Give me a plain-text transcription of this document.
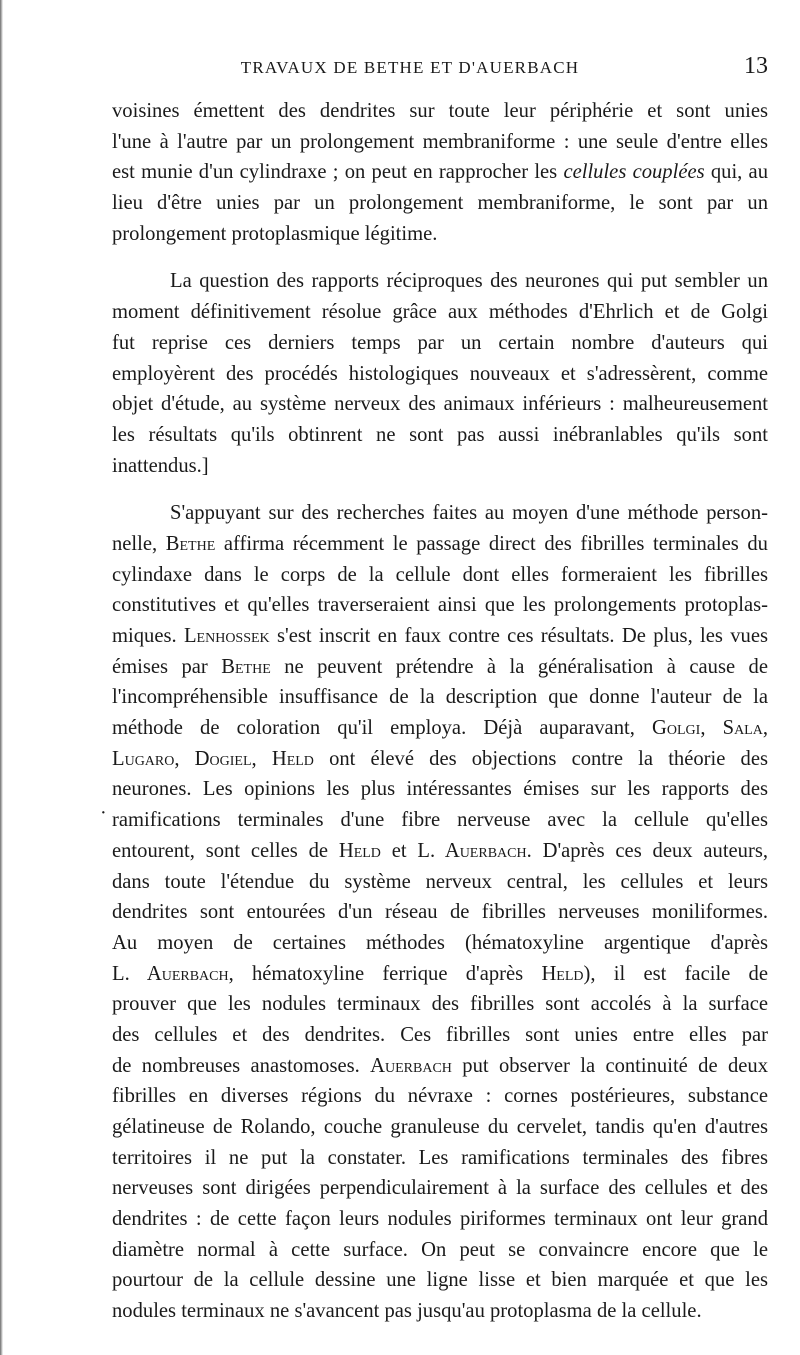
TRAVAUX DE BETHE ET D'AUERBACH	13
·
voisines émettent des dendrites sur toute leur périphérie et sont unies
l'une à l'autre par un prolongement membraniforme : une seule d'entre elles
est munie d'un cylindraxe ; on peut en rapprocher les cellules couplées qui, au
lieu d'être unies par un prolongement membraniforme, le sont par un
prolongement protoplasmique légitime.
La question des rapports réciproques des neurones qui put sembler un
moment définitivement résolue grâce aux méthodes d'Ehrlich et de Golgi
fut reprise ces derniers temps par un certain nombre d'auteurs qui
employèrent des procédés histologiques nouveaux et s'adressèrent, comme
objet d'étude, au système nerveux des animaux inférieurs : malheureusement
les résultats qu'ils obtinrent ne sont pas aussi inébranlables qu'ils sont
inattendus.]
S'appuyant sur des recherches faites au moyen d'une méthode person-
nelle, Bethe affirma récemment le passage direct des fibrilles terminales du
cylindaxe dans le corps de la cellule dont elles formeraient les fibrilles
constitutives et qu'elles traverseraient ainsi que les prolongements protoplas-
miques. Lenhossek s'est inscrit en faux contre ces résultats. De plus, les vues
émises par Bethe ne peuvent prétendre à la généralisation à cause de
l'incompréhensible insuffisance de la description que donne l'auteur de la
méthode de coloration qu'il employa. Déjà auparavant, Golgi, Sala,
Lugaro, Dogiel, Held ont élevé des objections contre la théorie des
neurones. Les opinions les plus intéressantes émises sur les rapports des
ramifications terminales d'une fibre nerveuse avec la cellule qu'elles
entourent, sont celles de Held et L. Auerbach. D'après ces deux auteurs,
dans toute l'étendue du système nerveux central, les cellules et leurs
dendrites sont entourées d'un réseau de fibrilles nerveuses moniliformes.
Au moyen de certaines méthodes (hématoxyline argentique d'après
L. Auerbach, hématoxyline ferrique d'après Held), il est facile de
prouver que les nodules terminaux des fibrilles sont accolés à la surface
des cellules et des dendrites. Ces fibrilles sont unies entre elles par
de nombreuses anastomoses. Auerbach put observer la continuité de deux
fibrilles en diverses régions du névraxe : cornes postérieures, substance
gélatineuse de Rolando, couche granuleuse du cervelet, tandis qu'en d'autres
territoires il ne put la constater. Les ramifications terminales des fibres
nerveuses sont dirigées perpendiculairement à la surface des cellules et des
dendrites : de cette façon leurs nodules piriformes terminaux ont leur grand
diamètre normal à cette surface. On peut se convaincre encore que le
pourtour de la cellule dessine une ligne lisse et bien marquée et que les
nodules terminaux ne s'avancent pas jusqu'au protoplasma de la cellule.
